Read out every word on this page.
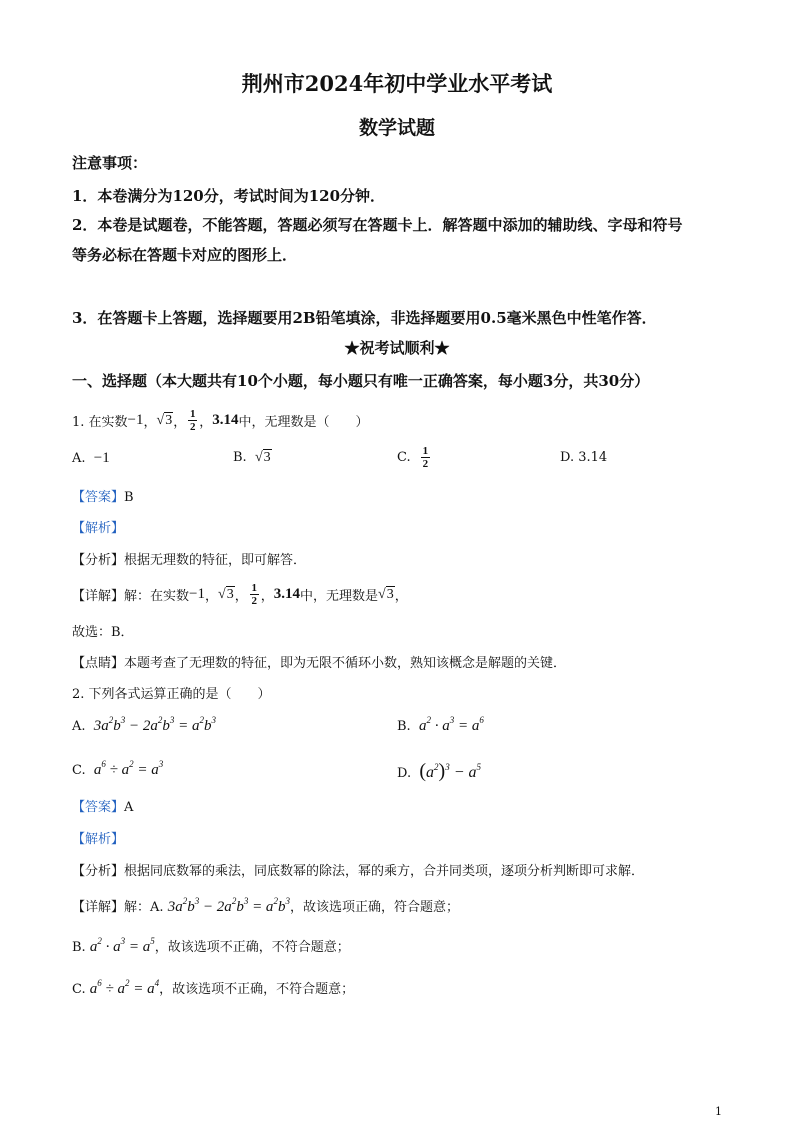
荆州市2024年初中学业水平考试
数学试题
注意事项：
1．本卷满分为120分，考试时间为120分钟．
2．本卷是试题卷，不能答题，答题必须写在答题卡上．解答题中添加的辅助线、字母和符号
等务必标在答题卡对应的图形上．
3．在答题卡上答题，选择题要用2B铅笔填涂，非选择题要用0.5毫米黑色中性笔作答．
★祝考试顺利★
一、选择题（本大题共有10个小题，每小题只有唯一正确答案，每小题3分，共30分）
1. 在实数 −1 ， √3 ， $\frac{1}{2}$ ， 3.14 中，无理数是（　　）
A. −1	B. √3	C.
$\frac{1}{2}$	D. 3.14
【答案】B
【解析】
【分析】根据无理数的特征，即可解答．
【详解】 解：在实数 −1 ， √3 ， $\frac{1}{2}$ ， 3.14 中，无理数是 √3 ，
故选：B．
【点睛】本题考查了无理数的特征，即为无限不循环小数，熟知该概念是解题的关键．
2. 下列各式运算正确的是（　　）
A. $3a^2b^3 - 2a^2b^3 = a^2b^3$	B. $a^2 \cdot a^3 = a^6$
C. $a^6 \div a^2 = a^3$
D. $(a^2)^3 - a^5$
【答案】A
【解析】
【分析】根据同底数幂的乘法，同底数幂的除法，幂的乘方，合并同类项，逐项分析判断即可求解．
【详解】解：A. $3a^2b^3 - 2a^2b^3 = a^2b^3$，故该选项正确，符合题意；
B. $a^2 \cdot a^3 = a^5$，故该选项不正确，不符合题意；
C. $a^6 \div a^2 = a^4$，故该选项不正确，不符合题意；
1
